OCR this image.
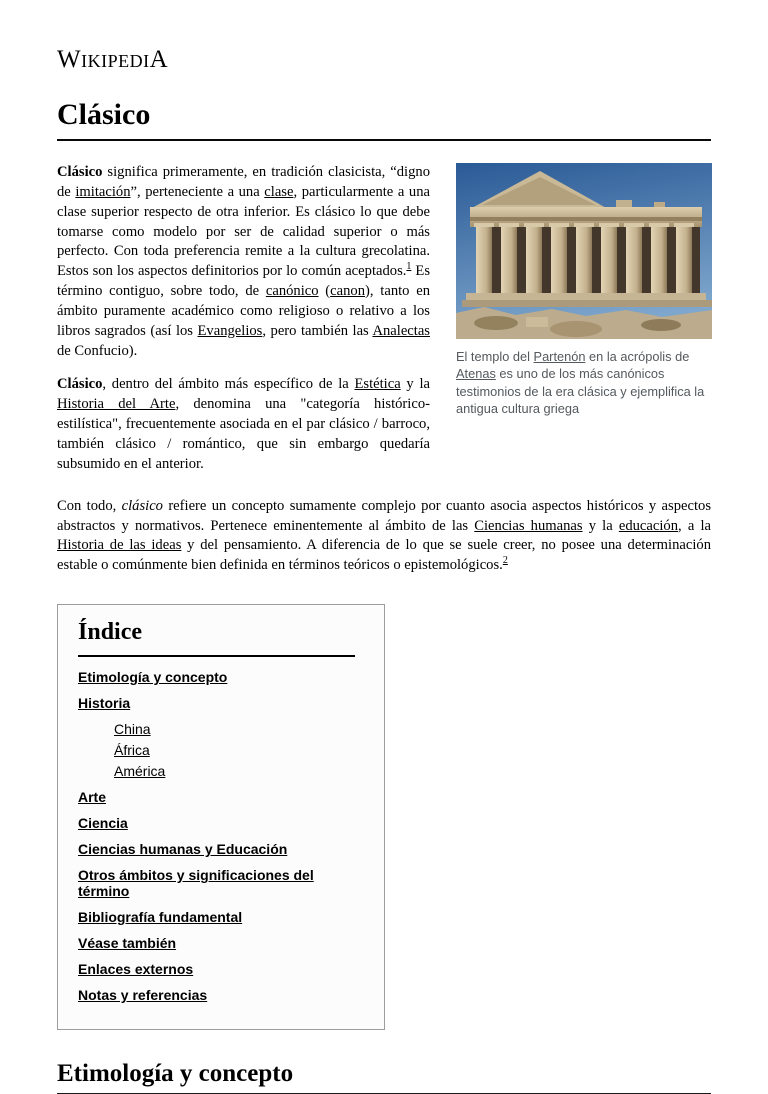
WikipediA
Clásico

Clásico significa primeramente, en tradición clasicista, “digno de imitación”, perteneciente a una clase, particularmente a una clase superior respecto de otra inferior. Es clásico lo que debe tomarse como modelo por ser de calidad superior o más perfecto. Con toda preferencia remite a la cultura grecolatina. Estos son los aspectos definitorios por lo común aceptados.$^1$ Es término contiguo, sobre todo, de canónico (canon), tanto en ámbito puramente académico como religioso o relativo a los libros sagrados (así los Evangelios, pero también las Analectas de Confucio).

Clásico, dentro del ámbito más específico de la Estética y la Historia del Arte, denomina una "categoría histórico-estilística", frecuentemente asociada en el par clásico / barroco, también clásico / romántico, que sin embargo quedaría subsumido en el anterior.

El templo del Partenón en la acrópolis de Atenas es uno de los más canónicos testimonios de la era clásica y ejemplifica la antigua cultura griega

Con todo, clásico refiere un concepto sumamente complejo por cuanto asocia aspectos históricos y aspectos abstractos y normativos. Pertenece eminentemente al ámbito de las Ciencias humanas y la educación, a la Historia de las ideas y del pensamiento. A diferencia de lo que se suele creer, no posee una determinación estable o comúnmente bien definida en términos teóricos o epistemológicos.$^2$

Índice
Etimología y concepto
Historia
China
África
América
Arte
Ciencia
Ciencias humanas y Educación
Otros ámbitos y significaciones del término
Bibliografía fundamental
Véase también
Enlaces externos
Notas y referencias
Etimología y concepto
